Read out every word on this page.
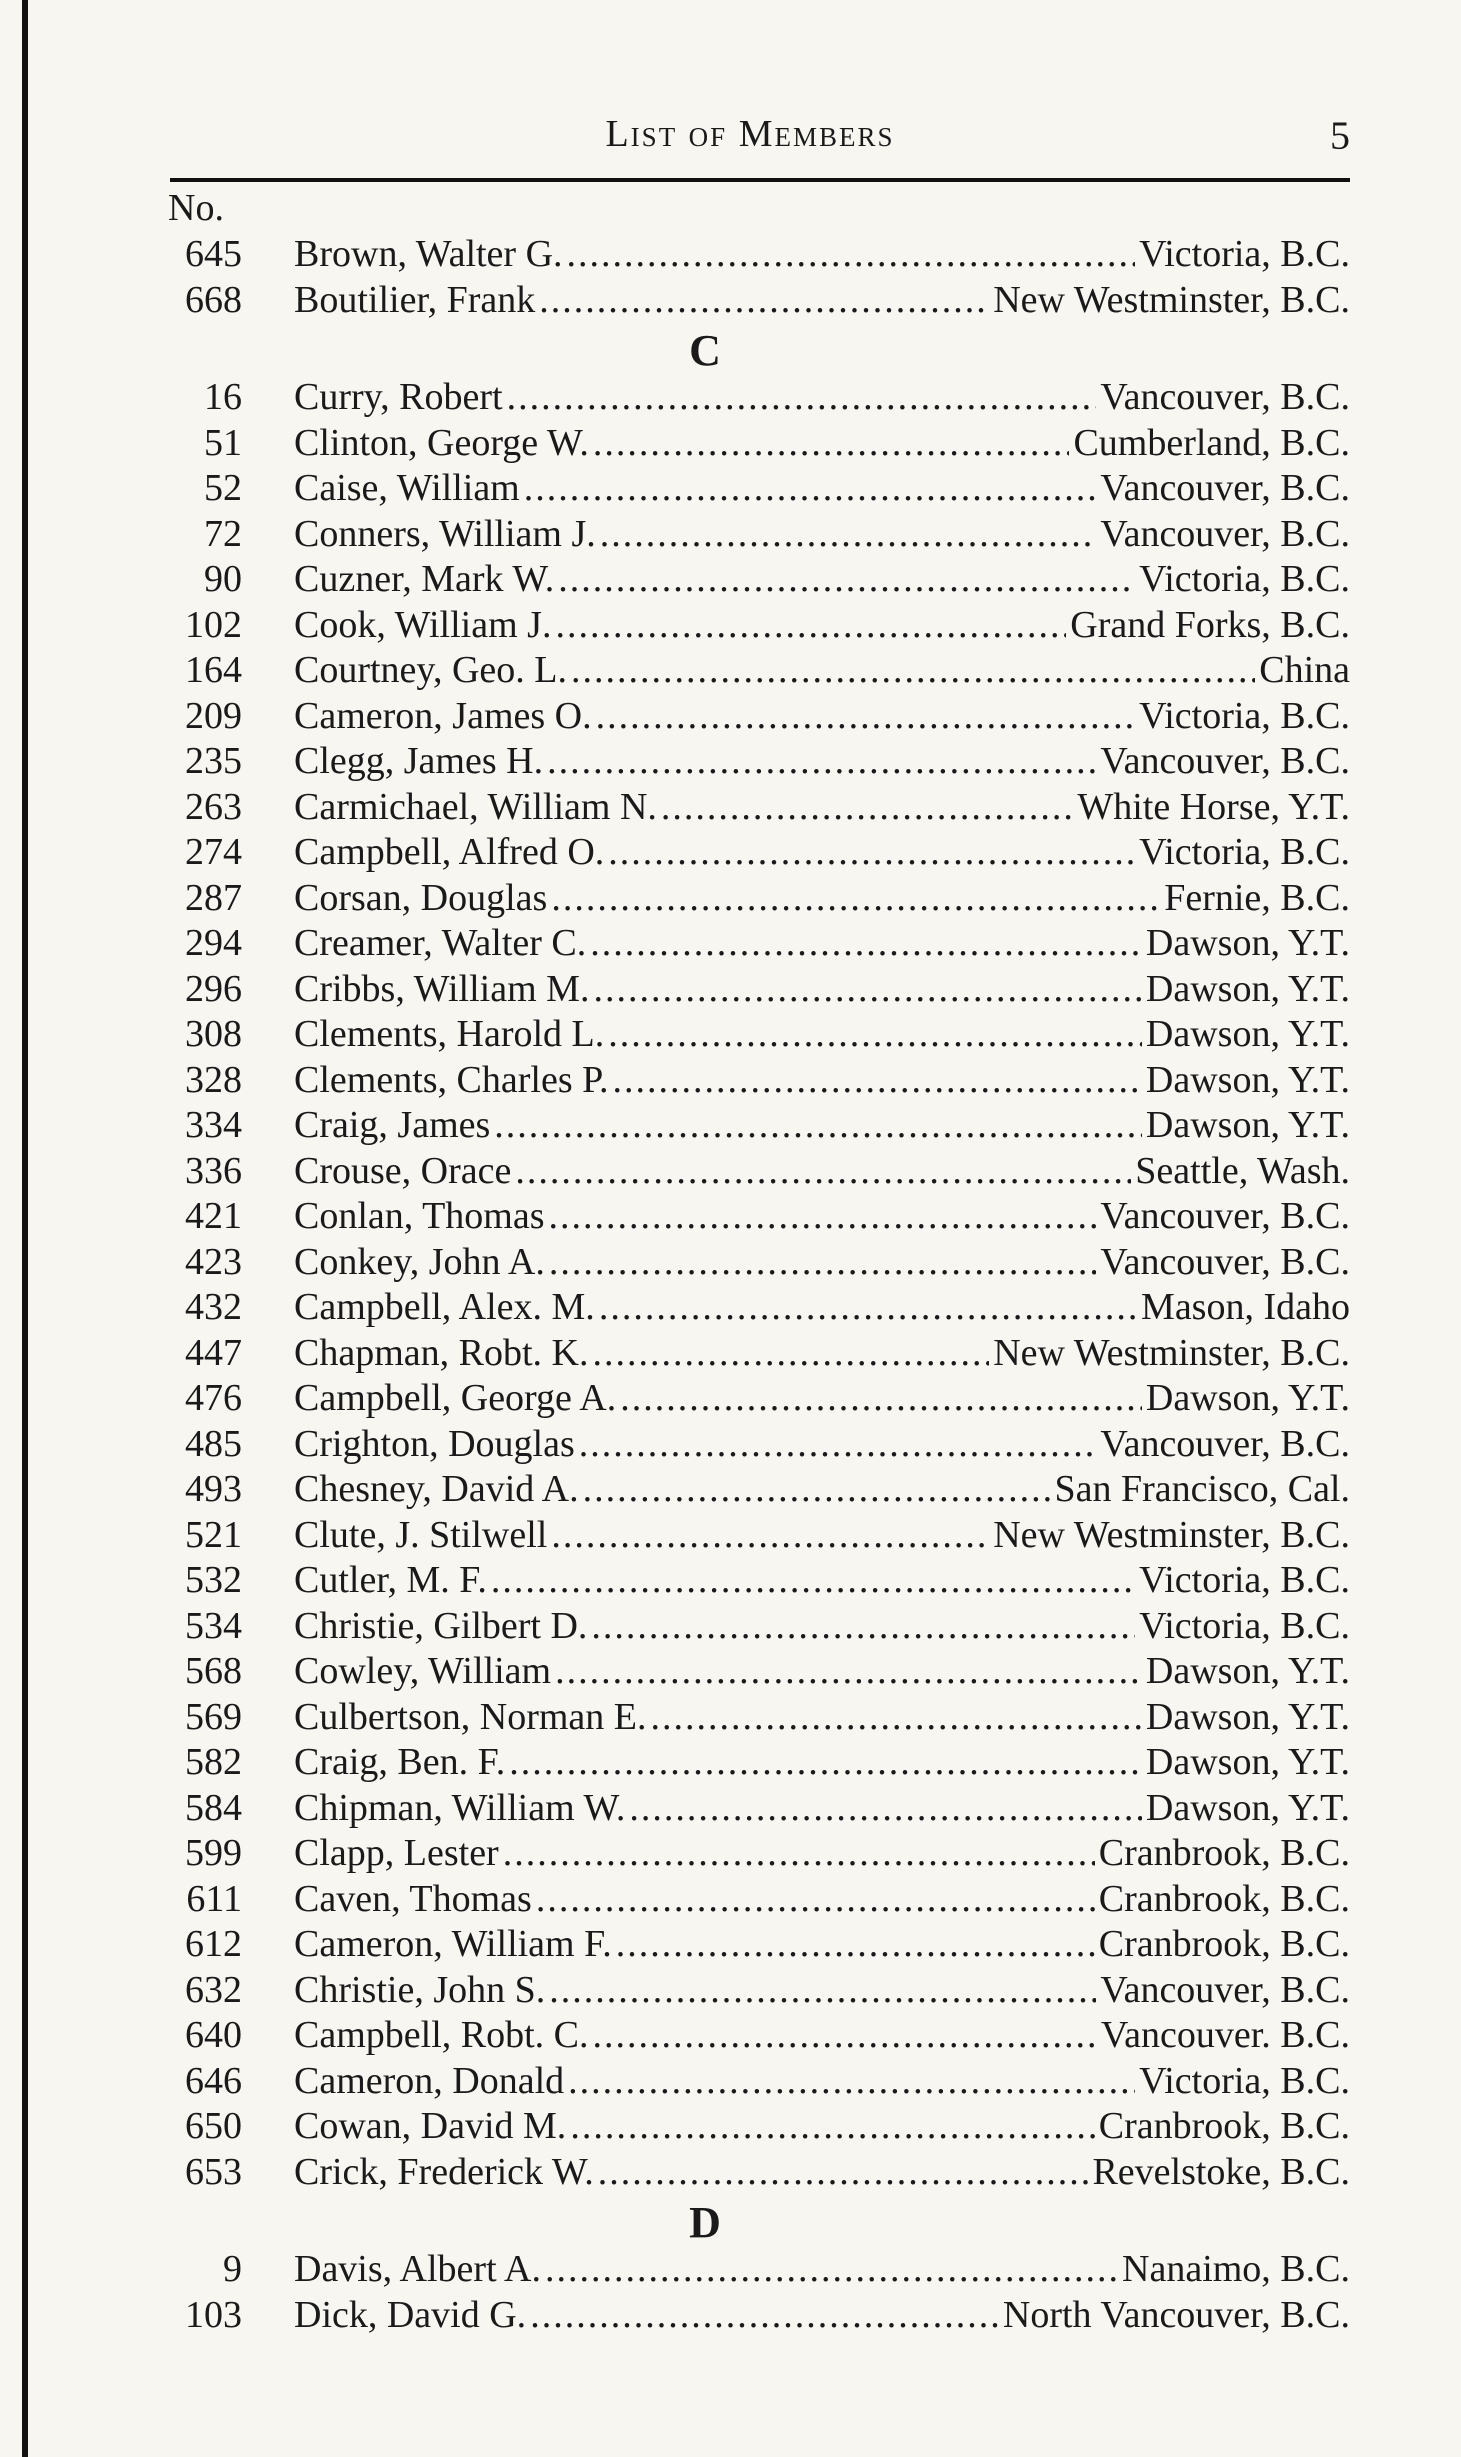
List of Members	5
No.
645 Brown, Walter G. .....	Victoria, B.C.
668 Boutilier, Frank .....	New Westminster, B.C.
C
16 Curry, Robert .....	Vancouver, B.C.
51 Clinton, George W. .....	Cumberland, B.C.
52 Caise, William .....	Vancouver, B.C.
72 Conners, William J. .....	Vancouver, B.C.
90 Cuzner, Mark W. .....	Victoria, B.C.
102 Cook, William J. .....	Grand Forks, B.C.
164 Courtney, Geo. L. .....	China
209 Cameron, James O. .....	Victoria, B.C.
235 Clegg, James H. .....	Vancouver, B.C.
263 Carmichael, William N. .....	White Horse, Y.T.
274 Campbell, Alfred O. .....	Victoria, B.C.
287 Corsan, Douglas .....	Fernie, B.C.
294 Creamer, Walter C. .....	Dawson, Y.T.
296 Cribbs, William M. .....	Dawson, Y.T.
308 Clements, Harold L. .....	Dawson, Y.T.
328 Clements, Charles P. .....	Dawson, Y.T.
334 Craig, James .....	Dawson, Y.T.
336 Crouse, Orace .....	Seattle, Wash.
421 Conlan, Thomas .....	Vancouver, B.C.
423 Conkey, John A. .....	Vancouver, B.C.
432 Campbell, Alex. M. .....	Mason, Idaho
447 Chapman, Robt. K. .....	New Westminster, B.C.
476 Campbell, George A. .....	Dawson, Y.T.
485 Crighton, Douglas .....	Vancouver, B.C.
493 Chesney, David A. .....	San Francisco, Cal.
521 Clute, J. Stilwell .....	New Westminster, B.C.
532 Cutler, M. F. .....	Victoria, B.C.
534 Christie, Gilbert D. .....	Victoria, B.C.
568 Cowley, William .....	Dawson, Y.T.
569 Culbertson, Norman E. .....	Dawson, Y.T.
582 Craig, Ben. F. .....	Dawson, Y.T.
584 Chipman, William W. .....	Dawson, Y.T.
599 Clapp, Lester .....	Cranbrook, B.C.
611 Caven, Thomas .....	Cranbrook, B.C.
612 Cameron, William F. .....	Cranbrook, B.C.
632 Christie, John S. .....	Vancouver, B.C.
640 Campbell, Robt. C. .....	Vancouver. B.C.
646 Cameron, Donald .....	Victoria, B.C.
650 Cowan, David M. .....	Cranbrook, B.C.
653 Crick, Frederick W. .....	Revelstoke, B.C.
D
9 Davis, Albert A. .....	Nanaimo, B.C.
103 Dick, David G. .....	North Vancouver, B.C.
